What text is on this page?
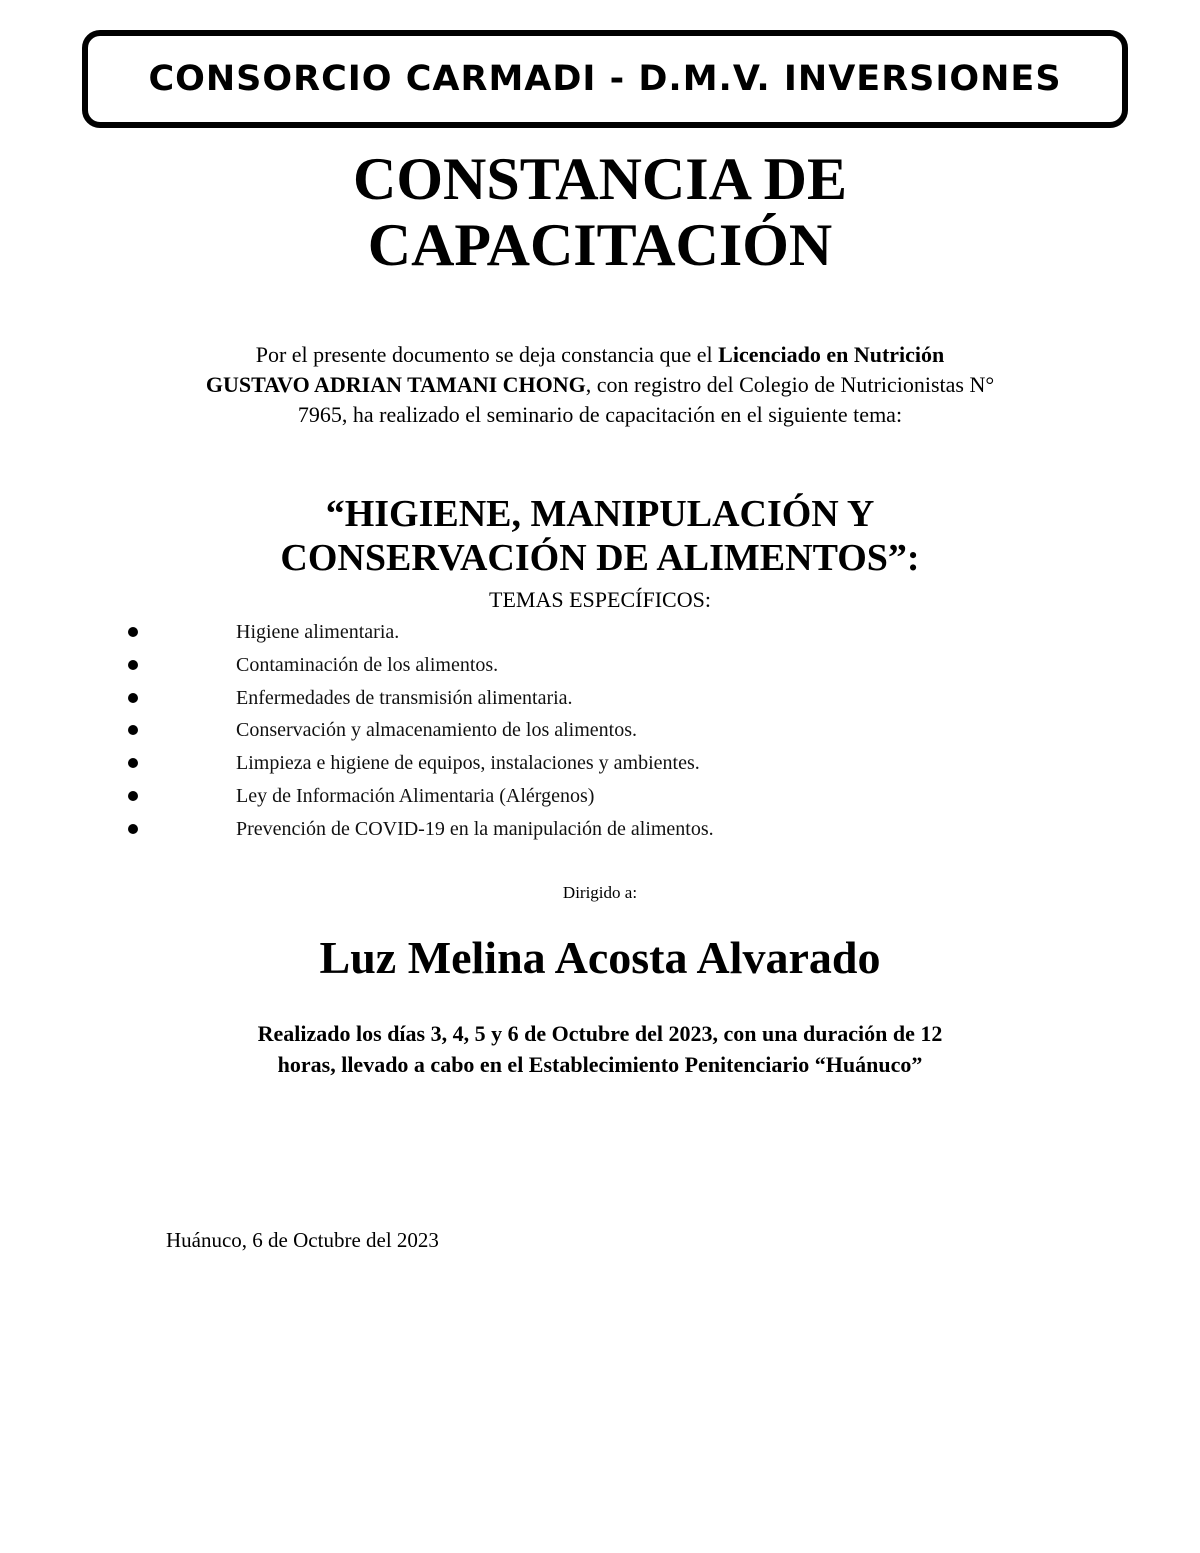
CONSORCIO CARMADI - D.M.V. INVERSIONES
CONSTANCIA DE
CAPACITACIÓN

Por el presente documento se deja constancia que el Licenciado en Nutrición
GUSTAVO ADRIAN TAMANI CHONG, con registro del Colegio de Nutricionistas N° 7965, ha realizado el seminario de capacitación en el siguiente tema:

“HIGIENE, MANIPULACIÓN Y
CONSERVACIÓN DE ALIMENTOS”:
TEMAS ESPECÍFICOS:
Higiene alimentaria.
Contaminación de los alimentos.
Enfermedades de transmisión alimentaria.
Conservación y almacenamiento de los alimentos.
Limpieza e higiene de equipos, instalaciones y ambientes.
Ley de Información Alimentaria (Alérgenos)
Prevención de COVID-19 en la manipulación de alimentos.
Dirigido a:
Luz Melina Acosta Alvarado
Realizado los días 3, 4, 5 y 6 de Octubre del 2023, con una duración de 12
horas, llevado a cabo en el Establecimiento Penitenciario “Huánuco”
Huánuco, 6 de Octubre del 2023
